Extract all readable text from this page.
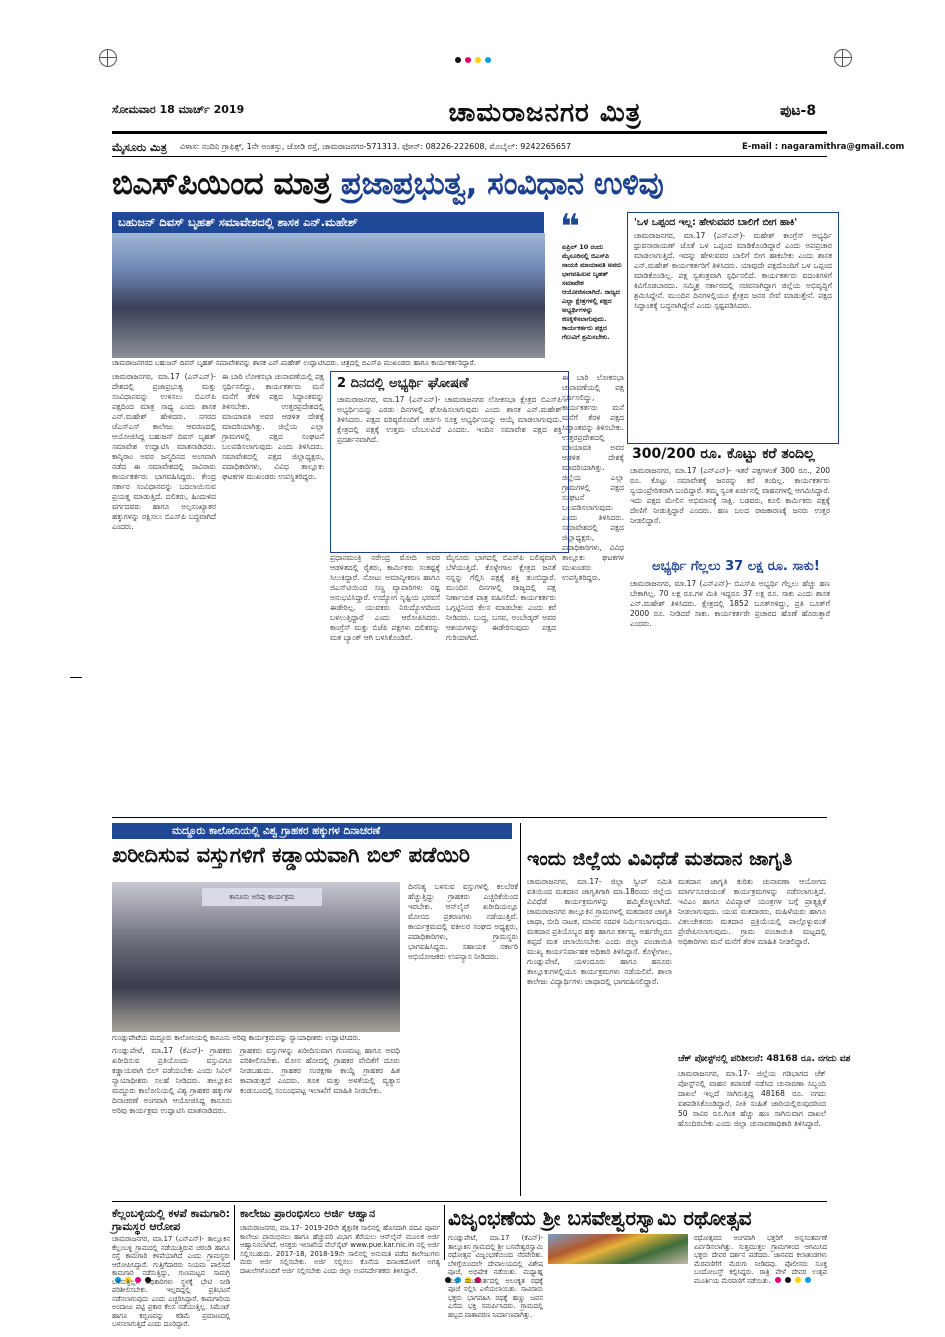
ಸೋಮವಾರ 18 ಮಾರ್ಚ್ 2019	ಚಾಮರಾಜನಗರ ಮಿತ್ರ	ಪುಟ-8
ಮೈಸೂರು ಮಿತ್ರ ವಿಳಾಸ: ನಂದಿನಿ ಗ್ರಾಫಿಕ್ಸ್, 1ನೇ ಅಂತಸ್ತು, ಜೋಡಿ ರಸ್ತೆ, ಚಾಮರಾಜನಗರ-571313. ಫೋನ್: 08226-222608, ಮೊಬೈಲ್: 9242265657	E-mail : nagaramithra@gmail.com
ಬಿಎಸ್‌ಪಿಯಿಂದ ಮಾತ್ರ ಪ್ರಜಾಪ್ರಭುತ್ವ, ಸಂವಿಧಾನ ಉಳಿವು
ಬಹುಜನ್ ದಿವಸ್ ಬೃಹತ್ ಸಮಾವೇಶದಲ್ಲಿ ಶಾಸಕ ಎನ್.ಮಹೇಶ್
ಚಾಮರಾಜನಗರದ ಬಹುಜನ್ ದಿವಸ್ ಬೃಹತ್ ಸಮಾವೇಶವನ್ನು ಶಾಸಕ ಎನ್.ಮಹೇಶ್ ಉದ್ಘಾಟಿಸಿದರು. ಚಿತ್ರದಲ್ಲಿ ಬಿಎಸ್‌ಪಿ ಮುಖಂಡರು ಹಾಗೂ ಕಾರ್ಯಕರ್ತರಿದ್ದಾರೆ.
❝
ಏಪ್ರಿಲ್ 10 ರಂದು ಮೈಸೂರಿನಲ್ಲಿ ಬಿಎಸ್‌ಪಿ ನಾಯಕಿ ಮಾಯಾವತಿ ಅವರು ಭಾಗವಹಿಸುವ ಬೃಹತ್ ಸಮಾವೇಶ ಆಯೋಜಿಸಲಾಗಿದೆ. ರಾಜ್ಯದ ಎಲ್ಲಾ ಕ್ಷೇತ್ರಗಳಲ್ಲಿ ಪಕ್ಷದ ಅಭ್ಯರ್ಥಿಗಳನ್ನು ಕಣಕ್ಕಿಳಿಸಲಾಗುವುದು. ಕಾರ್ಯಕರ್ತರು ಪಕ್ಷದ ಗೆಲುವಿಗೆ ಶ್ರಮಿಸಬೇಕು.
ಚಾಮರಾಜನಗರ, ಮಾ.17 (ಎನ್‌ಎನ್)- ದೇಶದಲ್ಲಿ ಪ್ರಜಾಪ್ರಭುತ್ವ ಮತ್ತು ಸಂವಿಧಾನವನ್ನು ಉಳಿಸಲು ಬಿಎಸ್‌ಪಿ ಪಕ್ಷದಿಂದ ಮಾತ್ರ ಸಾಧ್ಯ ಎಂದು ಶಾಸಕ ಎನ್.ಮಹೇಶ್ ಹೇಳಿದರು. ನಗರದ ಜೆಎಸ್‌ಎಸ್ ಕಾಲೇಜು ಆವರಣದಲ್ಲಿ ಆಯೋಜಿಸಿದ್ದ ಬಹುಜನ್ ದಿವಸ್ ಬೃಹತ್ ಸಮಾವೇಶ ಉದ್ಘಾಟಿಸಿ ಮಾತನಾಡಿದರು. ಕಾನ್ಶಿರಾಂ ಅವರ ಜನ್ಮದಿನದ ಅಂಗವಾಗಿ ನಡೆದ ಈ ಸಮಾವೇಶದಲ್ಲಿ ಸಾವಿರಾರು ಕಾರ್ಯಕರ್ತರು ಭಾಗವಹಿಸಿದ್ದರು. ಕೇಂದ್ರ ಸರ್ಕಾರ ಸಂವಿಧಾನವನ್ನು ಬದಲಾಯಿಸುವ ಪ್ರಯತ್ನ ಮಾಡುತ್ತಿದೆ. ದಲಿತರು, ಹಿಂದುಳಿದ ವರ್ಗದವರು ಹಾಗೂ ಅಲ್ಪಸಂಖ್ಯಾತರ ಹಕ್ಕುಗಳನ್ನು ರಕ್ಷಿಸಲು ಬಿಎಸ್‌ಪಿ ಬದ್ಧವಾಗಿದೆ ಎಂದರು.
ಈ ಬಾರಿ ಲೋಕಸಭಾ ಚುನಾವಣೆಯಲ್ಲಿ ಪಕ್ಷ ಸ್ಪರ್ಧಿಸಲಿದ್ದು, ಕಾರ್ಯಕರ್ತರು ಮನೆ ಮನೆಗೆ ತೆರಳಿ ಪಕ್ಷದ ಸಿದ್ಧಾಂತವನ್ನು ತಿಳಿಸಬೇಕು. ಉತ್ತರಪ್ರದೇಶದಲ್ಲಿ ಮಾಯಾವತಿ ಅವರ ಆಡಳಿತ ದೇಶಕ್ಕೆ ಮಾದರಿಯಾಗಿತ್ತು. ಜಿಲ್ಲೆಯ ಎಲ್ಲಾ ಗ್ರಾಮಗಳಲ್ಲಿ ಪಕ್ಷದ ಸಂಘಟನೆ ಬಲಪಡಿಸಲಾಗುವುದು ಎಂದು ತಿಳಿಸಿದರು. ಸಮಾವೇಶದಲ್ಲಿ ಪಕ್ಷದ ಜಿಲ್ಲಾಧ್ಯಕ್ಷರು, ಪದಾಧಿಕಾರಿಗಳು, ವಿವಿಧ ತಾಲ್ಲೂಕು ಘಟಕಗಳ ಮುಖಂಡರು ಉಪಸ್ಥಿತರಿದ್ದರು.
2 ದಿನದಲ್ಲಿ ಅಭ್ಯರ್ಥಿ ಘೋಷಣೆ
ಚಾಮರಾಜನಗರ, ಮಾ.17 (ಎನ್‌ಎನ್)- ಚಾಮರಾಜನಗರ ಲೋಕಸಭಾ ಕ್ಷೇತ್ರದ ಬಿಎಸ್‌ಪಿ ಅಭ್ಯರ್ಥಿಯನ್ನು ಎರಡು ದಿನಗಳಲ್ಲಿ ಘೋಷಿಸಲಾಗುವುದು ಎಂದು ಶಾಸಕ ಎನ್.ಮಹೇಶ್ ತಿಳಿಸಿದರು. ಪಕ್ಷದ ವರಿಷ್ಠರೊಂದಿಗೆ ಚರ್ಚಿಸಿ ಸೂಕ್ತ ಅಭ್ಯರ್ಥಿಯನ್ನು ಆಯ್ಕೆ ಮಾಡಲಾಗುವುದು. ಕ್ಷೇತ್ರದಲ್ಲಿ ಪಕ್ಷಕ್ಕೆ ಉತ್ತಮ ಬೆಂಬಲವಿದೆ ಎಂದರು. ಇಂದಿನ ಸಮಾವೇಶ ಪಕ್ಷದ ಶಕ್ತಿ ಪ್ರದರ್ಶನವಾಗಿದೆ.
ಪ್ರಧಾನಮಂತ್ರಿ ನರೇಂದ್ರ ಮೋದಿ ಅವರ ಆಡಳಿತದಲ್ಲಿ ರೈತರು, ಕಾರ್ಮಿಕರು ಸಂಕಷ್ಟಕ್ಕೆ ಸಿಲುಕಿದ್ದಾರೆ. ನೋಟು ಅಮಾನ್ಯೀಕರಣ ಹಾಗೂ ಜಿಎಸ್‌ಟಿಯಿಂದ ಸಣ್ಣ ವ್ಯಾಪಾರಿಗಳು ನಷ್ಟ ಅನುಭವಿಸಿದ್ದಾರೆ. ಉದ್ಯೋಗ ಸೃಷ್ಟಿಯ ಭರವಸೆ ಈಡೇರಿಲ್ಲ. ಯುವಕರು ನಿರುದ್ಯೋಗದಿಂದ ಬಳಲುತ್ತಿದ್ದಾರೆ ಎಂದು ಆರೋಪಿಸಿದರು. ಕಾಂಗ್ರೆಸ್ ಮತ್ತು ಬಿಜೆಪಿ ಪಕ್ಷಗಳು ದಲಿತರನ್ನು ಮತ ಬ್ಯಾಂಕ್ ಆಗಿ ಬಳಸಿಕೊಂಡಿವೆ.
ಮೈಸೂರು ಭಾಗದಲ್ಲಿ ಬಿಎಸ್‌ಪಿ ಬಲಿಷ್ಠವಾಗಿ ಬೆಳೆಯುತ್ತಿದೆ. ಕೊಳ್ಳೇಗಾಲ ಕ್ಷೇತ್ರದ ಜನತೆ ನನ್ನನ್ನು ಗೆಲ್ಲಿಸಿ ಪಕ್ಷಕ್ಕೆ ಶಕ್ತಿ ತುಂಬಿದ್ದಾರೆ. ಮುಂದಿನ ದಿನಗಳಲ್ಲಿ ರಾಜ್ಯದಲ್ಲಿ ಪಕ್ಷ ನಿರ್ಣಾಯಕ ಪಾತ್ರ ವಹಿಸಲಿದೆ. ಕಾರ್ಯಕರ್ತರು ಒಗ್ಗಟ್ಟಿನಿಂದ ಕೆಲಸ ಮಾಡಬೇಕು ಎಂದು ಕರೆ ನೀಡಿದರು. ಬುದ್ಧ, ಬಸವ, ಅಂಬೇಡ್ಕರ್ ಅವರ ಆಶಯಗಳನ್ನು ಈಡೇರಿಸುವುದು ಪಕ್ಷದ ಗುರಿಯಾಗಿದೆ.
ಈ ಬಾರಿ ಲೋಕಸಭಾ ಚುನಾವಣೆಯಲ್ಲಿ ಪಕ್ಷ ಸ್ಪರ್ಧಿಸಲಿದ್ದು, ಕಾರ್ಯಕರ್ತರು ಮನೆ ಮನೆಗೆ ತೆರಳಿ ಪಕ್ಷದ ಸಿದ್ಧಾಂತವನ್ನು ತಿಳಿಸಬೇಕು. ಉತ್ತರಪ್ರದೇಶದಲ್ಲಿ ಮಾಯಾವತಿ ಅವರ ಆಡಳಿತ ದೇಶಕ್ಕೆ ಮಾದರಿಯಾಗಿತ್ತು. ಜಿಲ್ಲೆಯ ಎಲ್ಲಾ ಗ್ರಾಮಗಳಲ್ಲಿ ಪಕ್ಷದ ಸಂಘಟನೆ ಬಲಪಡಿಸಲಾಗುವುದು ಎಂದು ತಿಳಿಸಿದರು. ಸಮಾವೇಶದಲ್ಲಿ ಪಕ್ಷದ ಜಿಲ್ಲಾಧ್ಯಕ್ಷರು, ಪದಾಧಿಕಾರಿಗಳು, ವಿವಿಧ ತಾಲ್ಲೂಕು ಘಟಕಗಳ ಮುಖಂಡರು ಉಪಸ್ಥಿತರಿದ್ದರು.
'ಒಳ ಒಪ್ಪಂದ ಇಲ್ಲ: ಹೇಳುವವರ ಬಾಲಿಗೆ ಬೀಗ ಹಾಕಿ'
ಚಾಮರಾಜನಗರ, ಮಾ.17 (ಎನ್‌ಎನ್)- ಮಹೇಶ್ ಕಾಂಗ್ರೆಸ್ ಅಭ್ಯರ್ಥಿ ಧ್ರುವನಾರಾಯಣ್ ಜೊತೆ ಒಳ ಒಪ್ಪಂದ ಮಾಡಿಕೊಂಡಿದ್ದಾರೆ ಎಂದು ಅಪಪ್ರಚಾರ ಮಾಡಲಾಗುತ್ತಿದೆ. ಇದನ್ನು ಹೇಳುವವರ ಬಾಲಿಗೆ ಬೀಗ ಹಾಕಬೇಕು ಎಂದು ಶಾಸಕ ಎನ್.ಮಹೇಶ್ ಕಾರ್ಯಕರ್ತರಿಗೆ ತಿಳಿಸಿದರು. ಯಾವುದೇ ಪಕ್ಷದೊಂದಿಗೆ ಒಳ ಒಪ್ಪಂದ ಮಾಡಿಕೊಂಡಿಲ್ಲ. ಪಕ್ಷ ಸ್ವತಂತ್ರವಾಗಿ ಸ್ಪರ್ಧಿಸಲಿದೆ. ಕಾರ್ಯಕರ್ತರು ವದಂತಿಗಳಿಗೆ ಕಿವಿಗೊಡಬಾರದು. ಸಮ್ಮಿಶ್ರ ಸರ್ಕಾರದಲ್ಲಿ ಸಚಿವನಾಗಿದ್ದಾಗ ಜಿಲ್ಲೆಯ ಅಭಿವೃದ್ಧಿಗೆ ಶ್ರಮಿಸಿದ್ದೇನೆ. ಮುಂದಿನ ದಿನಗಳಲ್ಲಿಯೂ ಕ್ಷೇತ್ರದ ಜನರ ಸೇವೆ ಮಾಡುತ್ತೇನೆ. ಪಕ್ಷದ ಸಿದ್ಧಾಂತಕ್ಕೆ ಬದ್ಧನಾಗಿದ್ದೇನೆ ಎಂದು ಸ್ಪಷ್ಟಪಡಿಸಿದರು.
300/200 ರೂ. ಕೊಟ್ಟು ಕರೆ ತಂದಿಲ್ಲ
ಚಾಮರಾಜನಗರ, ಮಾ.17 (ಎನ್‌ಎನ್)- ಇತರೆ ಪಕ್ಷಗಳಂತೆ 300 ರೂ., 200 ರೂ. ಕೊಟ್ಟು ಸಮಾವೇಶಕ್ಕೆ ಜನರನ್ನು ಕರೆ ತಂದಿಲ್ಲ. ಕಾರ್ಯಕರ್ತರು ಸ್ವಯಂಪ್ರೇರಿತರಾಗಿ ಬಂದಿದ್ದಾರೆ. ತಮ್ಮ ಸ್ವಂತ ಖರ್ಚಿನಲ್ಲಿ ವಾಹನಗಳಲ್ಲಿ ಆಗಮಿಸಿದ್ದಾರೆ. ಇದು ಪಕ್ಷದ ಮೇಲಿನ ಅಭಿಮಾನಕ್ಕೆ ಸಾಕ್ಷಿ. ಬಡವರು, ಕೂಲಿ ಕಾರ್ಮಿಕರು ಪಕ್ಷಕ್ಕೆ ದೇಣಿಗೆ ನೀಡುತ್ತಿದ್ದಾರೆ ಎಂದರು. ಹಣ ಬಲದ ರಾಜಕಾರಣಕ್ಕೆ ಜನರು ಉತ್ತರ ನೀಡಲಿದ್ದಾರೆ.
ಅಭ್ಯರ್ಥಿ ಗೆಲ್ಲಲು 37 ಲಕ್ಷ ರೂ. ಸಾಕು!
ಚಾಮರಾಜನಗರ, ಮಾ.17 (ಎನ್‌ಎನ್)- ಬಿಎಸ್‌ಪಿ ಅಭ್ಯರ್ಥಿ ಗೆಲ್ಲಲು ಹೆಚ್ಚು ಹಣ ಬೇಕಾಗಿಲ್ಲ. 70 ಲಕ್ಷ ರೂ.ಗಳ ಮಿತಿ ಇದ್ದರೂ 37 ಲಕ್ಷ ರೂ. ಸಾಕು ಎಂದು ಶಾಸಕ ಎನ್.ಮಹೇಶ್ ತಿಳಿಸಿದರು. ಕ್ಷೇತ್ರದಲ್ಲಿ 1852 ಬೂತ್‌ಗಳಿದ್ದು, ಪ್ರತಿ ಬೂತ್‌ಗೆ 2000 ರೂ. ನೀಡಿದರೆ ಸಾಕು. ಕಾರ್ಯಕರ್ತರೇ ಪ್ರಚಾರದ ಹೊಣೆ ಹೊರುತ್ತಾರೆ ಎಂದರು.
ಮದ್ದೂರು ಕಾಲೋನಿಯಲ್ಲಿ ವಿಶ್ವ ಗ್ರಾಹಕರ ಹಕ್ಕುಗಳ ದಿನಾಚರಣೆ
ಖರೀದಿಸುವ ವಸ್ತುಗಳಿಗೆ ಕಡ್ಡಾಯವಾಗಿ ಬಿಲ್ ಪಡೆಯಿರಿ
ಕಾನೂನು ಅರಿವು ಕಾರ್ಯಕ್ರಮ
ಗುಂಡ್ಲುಪೇಟೆಯ ಮದ್ದೂರು ಕಾಲೋನಿಯಲ್ಲಿ ಕಾನೂನು ಅರಿವು ಕಾರ್ಯಕ್ರಮವನ್ನು ನ್ಯಾಯಾಧೀಶರು ಉದ್ಘಾಟಿಸಿದರು.
ಗುಂಡ್ಲುಪೇಟೆ, ಮಾ.17 (ಕೆಎನ್)- ಗ್ರಾಹಕರು ಖರೀದಿಸುವ ಪ್ರತಿಯೊಂದು ವಸ್ತುವಿಗೂ ಕಡ್ಡಾಯವಾಗಿ ಬಿಲ್ ಪಡೆಯಬೇಕು ಎಂದು ಸಿವಿಲ್ ನ್ಯಾಯಾಧೀಶರು ಸಲಹೆ ನೀಡಿದರು. ತಾಲ್ಲೂಕಿನ ಮದ್ದೂರು ಕಾಲೋನಿಯಲ್ಲಿ ವಿಶ್ವ ಗ್ರಾಹಕರ ಹಕ್ಕುಗಳ ದಿನಾಚರಣೆ ಅಂಗವಾಗಿ ಆಯೋಜಿಸಿದ್ದ ಕಾನೂನು ಅರಿವು ಕಾರ್ಯಕ್ರಮ ಉದ್ಘಾಟಿಸಿ ಮಾತನಾಡಿದರು.
ಗ್ರಾಹಕರು ವಸ್ತುಗಳನ್ನು ಖರೀದಿಸುವಾಗ ಗುಣಮಟ್ಟ ಹಾಗೂ ಅವಧಿ ಪರಿಶೀಲಿಸಬೇಕು. ಮೋಸ ಹೋದಲ್ಲಿ ಗ್ರಾಹಕರ ವೇದಿಕೆಗೆ ದೂರು ನೀಡಬಹುದು. ಗ್ರಾಹಕರ ಸಂರಕ್ಷಣಾ ಕಾಯ್ದೆ ಗ್ರಾಹಕರ ಹಿತ ಕಾಪಾಡುತ್ತದೆ ಎಂದರು. ತೂಕ ಮತ್ತು ಅಳತೆಯಲ್ಲಿ ವ್ಯತ್ಯಾಸ ಕಂಡುಬಂದಲ್ಲಿ ಸಂಬಂಧಪಟ್ಟ ಇಲಾಖೆಗೆ ಮಾಹಿತಿ ನೀಡಬೇಕು.
ದಿನನಿತ್ಯ ಬಳಸುವ ವಸ್ತುಗಳಲ್ಲಿ ಕಲಬೆರಕೆ ಹೆಚ್ಚುತ್ತಿದ್ದು ಗ್ರಾಹಕರು ಎಚ್ಚರಿಕೆಯಿಂದ ಇರಬೇಕು. ಆನ್‌ಲೈನ್ ಖರೀದಿಯಲ್ಲೂ ಮೋಸದ ಪ್ರಕರಣಗಳು ನಡೆಯುತ್ತಿವೆ. ಕಾರ್ಯಕ್ರಮದಲ್ಲಿ ವಕೀಲರ ಸಂಘದ ಅಧ್ಯಕ್ಷರು, ಪದಾಧಿಕಾರಿಗಳು, ಗ್ರಾಮಸ್ಥರು ಭಾಗವಹಿಸಿದ್ದರು. ಸಹಾಯಕ ಸರ್ಕಾರಿ ಅಭಿಯೋಜಕರು ಉಪನ್ಯಾಸ ನೀಡಿದರು.
ಇಂದು ಜಿಲ್ಲೆಯ ವಿವಿಧೆಡೆ ಮತದಾನ ಜಾಗೃತಿ
ಚಾಮರಾಜನಗರ, ಮಾ.17- ಜಿಲ್ಲಾ ಸ್ವೀಪ್ ಸಮಿತಿ ವತಿಯಿಂದ ಮತದಾನ ಜಾಗೃತಿಗಾಗಿ ಮಾ.18ರಂದು ಜಿಲ್ಲೆಯ ವಿವಿಧೆಡೆ ಕಾರ್ಯಕ್ರಮಗಳನ್ನು ಹಮ್ಮಿಕೊಳ್ಳಲಾಗಿದೆ. ಚಾಮರಾಜನಗರ ತಾಲ್ಲೂಕಿನ ಗ್ರಾಮಗಳಲ್ಲಿ ಮತದಾರರ ಜಾಗೃತಿ ಜಾಥಾ, ಬೀದಿ ನಾಟಕ, ಮಾನವ ಸರಪಳಿ ನಿರ್ಮಿಸಲಾಗುವುದು. ಮತದಾನ ಪ್ರತಿಯೊಬ್ಬರ ಹಕ್ಕು ಹಾಗೂ ಕರ್ತವ್ಯ. ಅರ್ಹರೆಲ್ಲರೂ ತಪ್ಪದೆ ಮತ ಚಲಾಯಿಸಬೇಕು ಎಂದು ಜಿಲ್ಲಾ ಪಂಚಾಯಿತಿ ಮುಖ್ಯ ಕಾರ್ಯನಿರ್ವಾಹಕ ಅಧಿಕಾರಿ ತಿಳಿಸಿದ್ದಾರೆ. ಕೊಳ್ಳೇಗಾಲ, ಗುಂಡ್ಲುಪೇಟೆ, ಯಳಂದೂರು ಹಾಗೂ ಹನೂರು ತಾಲ್ಲೂಕುಗಳಲ್ಲಿಯೂ ಕಾರ್ಯಕ್ರಮಗಳು ನಡೆಯಲಿವೆ. ಶಾಲಾ ಕಾಲೇಜು ವಿದ್ಯಾರ್ಥಿಗಳು ಜಾಥಾದಲ್ಲಿ ಭಾಗವಹಿಸಲಿದ್ದಾರೆ.
ಮತದಾನ ಜಾಗೃತಿ ಕುರಿತು ಚುನಾವಣಾ ಆಯೋಗದ ಮಾರ್ಗಸೂಚಿಯಂತೆ ಕಾರ್ಯಕ್ರಮಗಳನ್ನು ನಡೆಸಲಾಗುತ್ತಿದೆ. ಇವಿಎಂ ಹಾಗೂ ವಿವಿಪ್ಯಾಟ್ ಯಂತ್ರಗಳ ಬಗ್ಗೆ ಪ್ರಾತ್ಯಕ್ಷಿಕೆ ನೀಡಲಾಗುವುದು. ಯುವ ಮತದಾರರು, ಮಹಿಳೆಯರು ಹಾಗೂ ವಿಕಲಚೇತನರು ಮತದಾನ ಪ್ರಕ್ರಿಯೆಯಲ್ಲಿ ಪಾಲ್ಗೊಳ್ಳುವಂತೆ ಪ್ರೇರೇಪಿಸಲಾಗುವುದು. ಗ್ರಾಮ ಪಂಚಾಯಿತಿ ಮಟ್ಟದಲ್ಲಿ ಅಧಿಕಾರಿಗಳು ಮನೆ ಮನೆಗೆ ತೆರಳಿ ಮಾಹಿತಿ ನೀಡಲಿದ್ದಾರೆ.
ಚೆಕ್ ಪೋಸ್ಟ್‌ನಲ್ಲಿ ಪರಿಶೀಲನೆ: 48168 ರೂ. ನಗದು ವಶ
ಚಾಮರಾಜನಗರ, ಮಾ.17- ಜಿಲ್ಲೆಯ ಗಡಿಭಾಗದ ಚೆಕ್ ಪೋಸ್ಟ್‌ನಲ್ಲಿ ವಾಹನ ತಪಾಸಣೆ ನಡೆಸಿದ ಚುನಾವಣಾ ಸಿಬ್ಬಂದಿ ದಾಖಲೆ ಇಲ್ಲದೆ ಸಾಗಿಸುತ್ತಿದ್ದ 48168 ರೂ. ನಗದು ವಶಪಡಿಸಿಕೊಂಡಿದ್ದಾರೆ. ನೀತಿ ಸಂಹಿತೆ ಜಾರಿಯಲ್ಲಿರುವುದರಿಂದ 50 ಸಾವಿರ ರೂ.ಗಿಂತ ಹೆಚ್ಚು ಹಣ ಸಾಗಿಸುವಾಗ ದಾಖಲೆ ಹೊಂದಿರಬೇಕು ಎಂದು ಜಿಲ್ಲಾ ಚುನಾವಣಾಧಿಕಾರಿ ತಿಳಿಸಿದ್ದಾರೆ.
ಕೆಲ್ಲಂಬಳ್ಳಿಯಲ್ಲಿ ಕಳಪೆ ಕಾಮಗಾರಿ: ಗ್ರಾಮಸ್ಥರ ಆರೋಪ
ಚಾಮರಾಜನಗರ, ಮಾ.17 (ಎನ್‌ಎನ್)- ತಾಲ್ಲೂಕಿನ ಕೆಲ್ಲಂಬಳ್ಳಿ ಗ್ರಾಮದಲ್ಲಿ ನಡೆಯುತ್ತಿರುವ ಚರಂಡಿ ಹಾಗೂ ರಸ್ತೆ ಕಾಮಗಾರಿ ಕಳಪೆಯಾಗಿದೆ ಎಂದು ಗ್ರಾಮಸ್ಥರು ಆರೋಪಿಸಿದ್ದಾರೆ. ಗುತ್ತಿಗೆದಾರರು ನಿಯಮ ಪಾಲಿಸದೆ ಕಾಮಗಾರಿ ನಡೆಸುತ್ತಿದ್ದು, ಗುಣಮಟ್ಟದ ಸಾಮಗ್ರಿ ಬಳಸುತ್ತಿಲ್ಲ. ಅಧಿಕಾರಿಗಳು ಸ್ಥಳಕ್ಕೆ ಭೇಟಿ ನೀಡಿ ಪರಿಶೀಲಿಸಬೇಕು. ಇಲ್ಲದಿದ್ದಲ್ಲಿ ಪ್ರತಿಭಟನೆ ನಡೆಸಲಾಗುವುದು ಎಂದು ಎಚ್ಚರಿಸಿದ್ದಾರೆ. ಕಾಮಗಾರಿಯ ಅಂದಾಜು ಪಟ್ಟಿ ಪ್ರಕಾರ ಕೆಲಸ ನಡೆಯುತ್ತಿಲ್ಲ. ಸಿಮೆಂಟ್ ಹಾಗೂ ಕಬ್ಬಿಣವನ್ನು ಕಡಿಮೆ ಪ್ರಮಾಣದಲ್ಲಿ ಬಳಸಲಾಗುತ್ತಿದೆ ಎಂದು ದೂರಿದ್ದಾರೆ.
ಕಾಲೇಜು ಪ್ರಾರಂಭಿಸಲು ಅರ್ಜಿ ಆಹ್ವಾನ
ಚಾಮರಾಜನಗರ, ಮಾ.17- 2019-20ನೇ ಶೈಕ್ಷಣಿಕ ಸಾಲಿನಲ್ಲಿ ಹೊಸದಾಗಿ ಪದವಿ ಪೂರ್ವ ಕಾಲೇಜು ಪ್ರಾರಂಭಿಸಲು ಹಾಗೂ ಹೆಚ್ಚುವರಿ ವಿಭಾಗ ತೆರೆಯಲು ಆನ್‌ಲೈನ್ ಮೂಲಕ ಅರ್ಜಿ ಆಹ್ವಾನಿಸಲಾಗಿದೆ. ಆಸಕ್ತರು ಇಲಾಖೆಯ ವೆಬ್‌ಸೈಟ್ www.pue.kar.nic.in ನಲ್ಲಿ ಅರ್ಜಿ ಸಲ್ಲಿಸಬಹುದು. 2017-18, 2018-19ನೇ ಸಾಲಿನಲ್ಲಿ ಅನುಮತಿ ಪಡೆದ ಕಾಲೇಜುಗಳು ಮರು ಅರ್ಜಿ ಸಲ್ಲಿಸಬೇಕು. ಅರ್ಜಿ ಸಲ್ಲಿಸಲು ಕೊನೆಯ ದಿನಾಂಕದೊಳಗೆ ಅಗತ್ಯ ದಾಖಲೆಗಳೊಂದಿಗೆ ಅರ್ಜಿ ಸಲ್ಲಿಸಬೇಕು ಎಂದು ಜಿಲ್ಲಾ ಉಪನಿರ್ದೇಶಕರು ತಿಳಿಸಿದ್ದಾರೆ.
ವಿಜೃಂಭಣೆಯ ಶ್ರೀ ಬಸವೇಶ್ವರಸ್ವಾಮಿ ರಥೋತ್ಸವ
ಗುಂಡ್ಲುಪೇಟೆ, ಮಾ.17 (ಕೆಎನ್)- ತಾಲ್ಲೂಕಿನ ಗ್ರಾಮದಲ್ಲಿ ಶ್ರೀ ಬಸವೇಶ್ವರಸ್ವಾಮಿ ರಥೋತ್ಸವ ವಿಜೃಂಭಣೆಯಿಂದ ನೆರವೇರಿತು. ಬೆಳಿಗ್ಗೆಯಿಂದಲೇ ದೇವಾಲಯದಲ್ಲಿ ವಿಶೇಷ ಪೂಜೆ, ಅಭಿಷೇಕ ನಡೆಯಿತು. ಮಧ್ಯಾಹ್ನ ಶುಭ ಮುಹೂರ್ತದಲ್ಲಿ ಅಲಂಕೃತ ರಥಕ್ಕೆ ಪೂಜೆ ಸಲ್ಲಿಸಿ ಎಳೆಯಲಾಯಿತು. ಸಾವಿರಾರು ಭಕ್ತರು ಭಾಗವಹಿಸಿ ರಥಕ್ಕೆ ಹಣ್ಣು ಜವನ ಎಸೆದು ಭಕ್ತಿ ಸಮರ್ಪಿಸಿದರು. ಗ್ರಾಮದಲ್ಲಿ ಹಬ್ಬದ ವಾತಾವರಣ ನಿರ್ಮಾಣವಾಗಿತ್ತು.
ರಥೋತ್ಸವದ ಅಂಗವಾಗಿ ಭಕ್ತರಿಗೆ ಅನ್ನಸಂತರ್ಪಣೆ ಏರ್ಪಡಿಸಲಾಗಿತ್ತು. ಸುತ್ತಮುತ್ತಲ ಗ್ರಾಮಗಳಿಂದ ಆಗಮಿಸಿದ ಭಕ್ತರು ದೇವರ ದರ್ಶನ ಪಡೆದರು. ಜಾನಪದ ಕಲಾತಂಡಗಳು ಮೆರವಣಿಗೆಗೆ ಮೆರುಗು ನೀಡಿದವು. ಪೊಲೀಸರು ಸೂಕ್ತ ಬಂದೋಬಸ್ತ್ ಕಲ್ಪಿಸಿದ್ದರು. ರಾತ್ರಿ ವೇಳೆ ದೇವರ ಉತ್ಸವ ಮೂರ್ತಿಯ ಮೆರವಣಿಗೆ ನಡೆಯಿತು.
